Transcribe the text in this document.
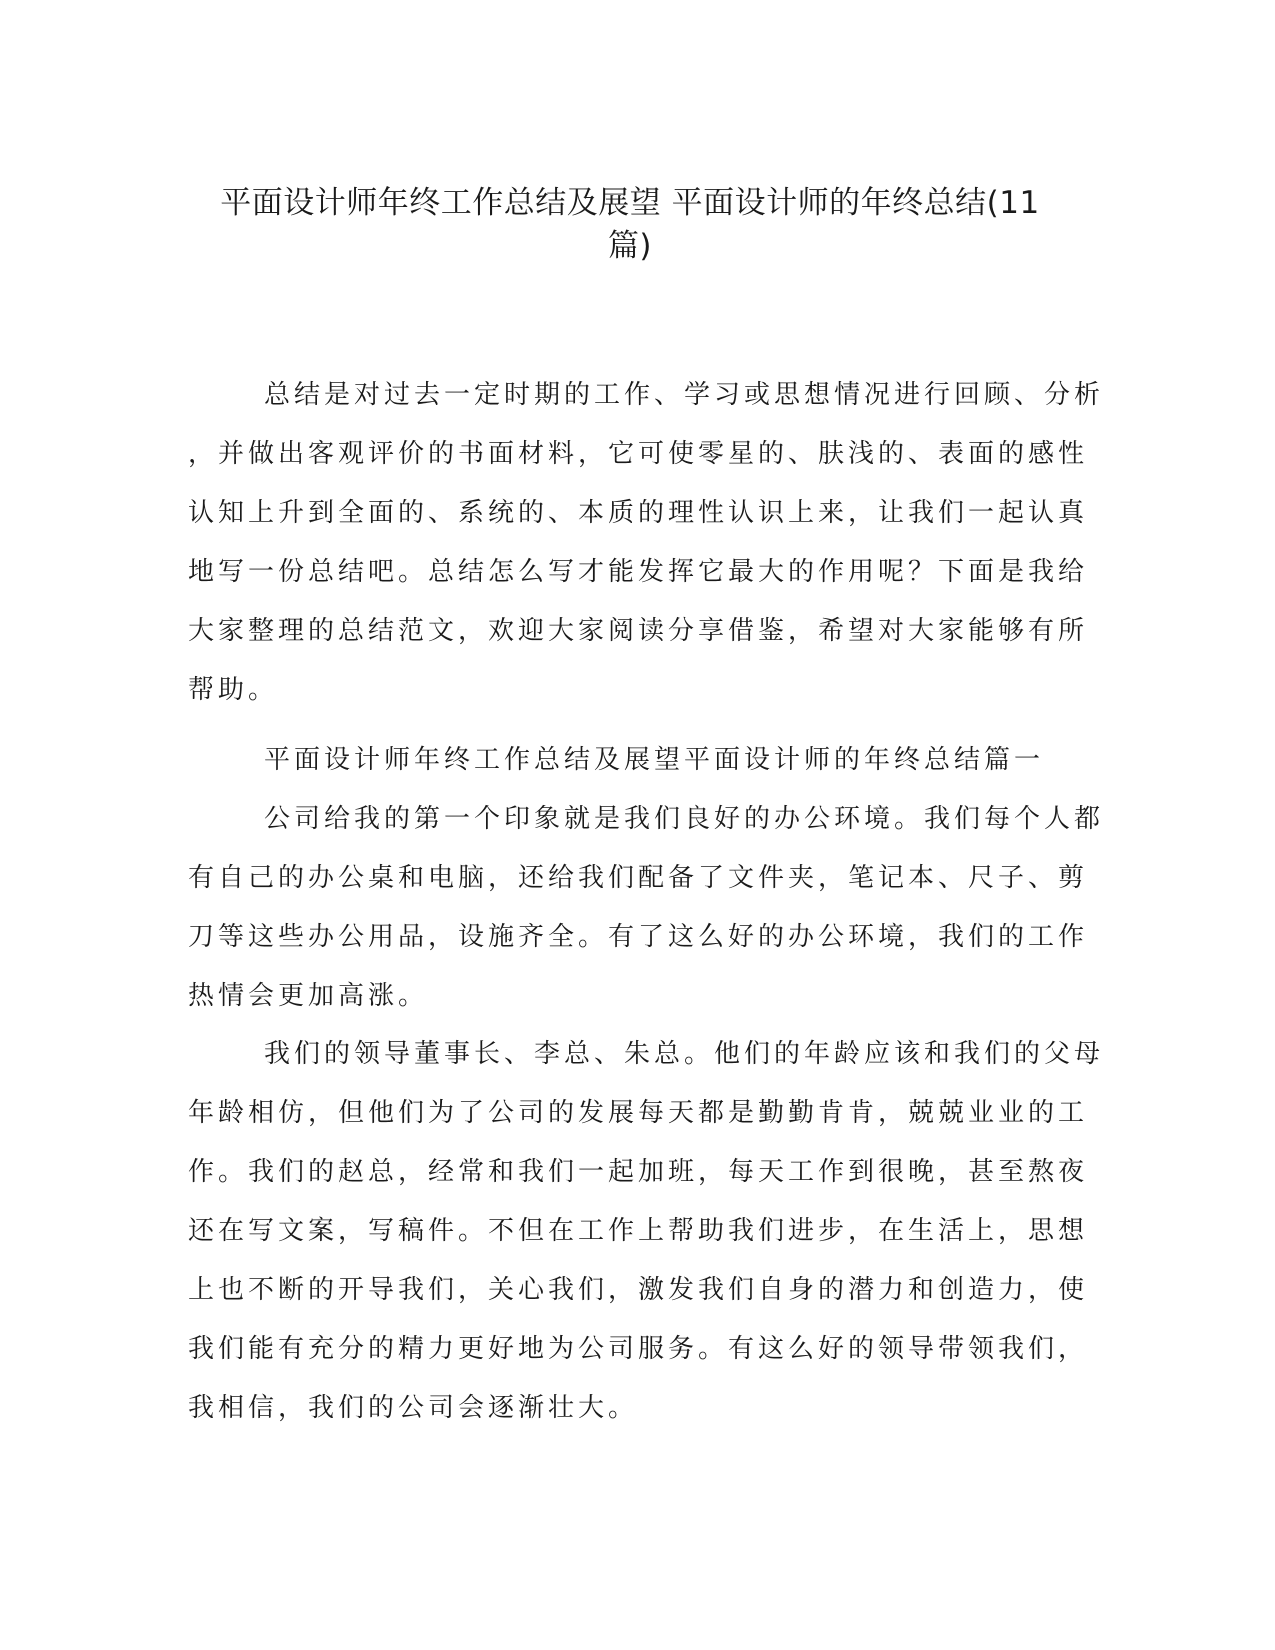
平面设计师年终工作总结及展望 平面设计师的年终总结(11
篇)
总结是对过去一定时期的工作、学习或思想情况进行回顾、分析
，并做出客观评价的书面材料，它可使零星的、肤浅的、表面的感性
认知上升到全面的、系统的、本质的理性认识上来，让我们一起认真
地写一份总结吧。总结怎么写才能发挥它最大的作用呢？下面是我给
大家整理的总结范文，欢迎大家阅读分享借鉴，希望对大家能够有所
帮助。
平面设计师年终工作总结及展望平面设计师的年终总结篇一
公司给我的第一个印象就是我们良好的办公环境。我们每个人都
有自己的办公桌和电脑，还给我们配备了文件夹，笔记本、尺子、剪
刀等这些办公用品，设施齐全。有了这么好的办公环境，我们的工作
热情会更加高涨。
我们的领导董事长、李总、朱总。他们的年龄应该和我们的父母
年龄相仿，但他们为了公司的发展每天都是勤勤肯肯，兢兢业业的工
作。我们的赵总，经常和我们一起加班，每天工作到很晚，甚至熬夜
还在写文案，写稿件。不但在工作上帮助我们进步，在生活上，思想
上也不断的开导我们，关心我们，激发我们自身的潜力和创造力，使
我们能有充分的精力更好地为公司服务。有这么好的领导带领我们，
我相信，我们的公司会逐渐壮大。
